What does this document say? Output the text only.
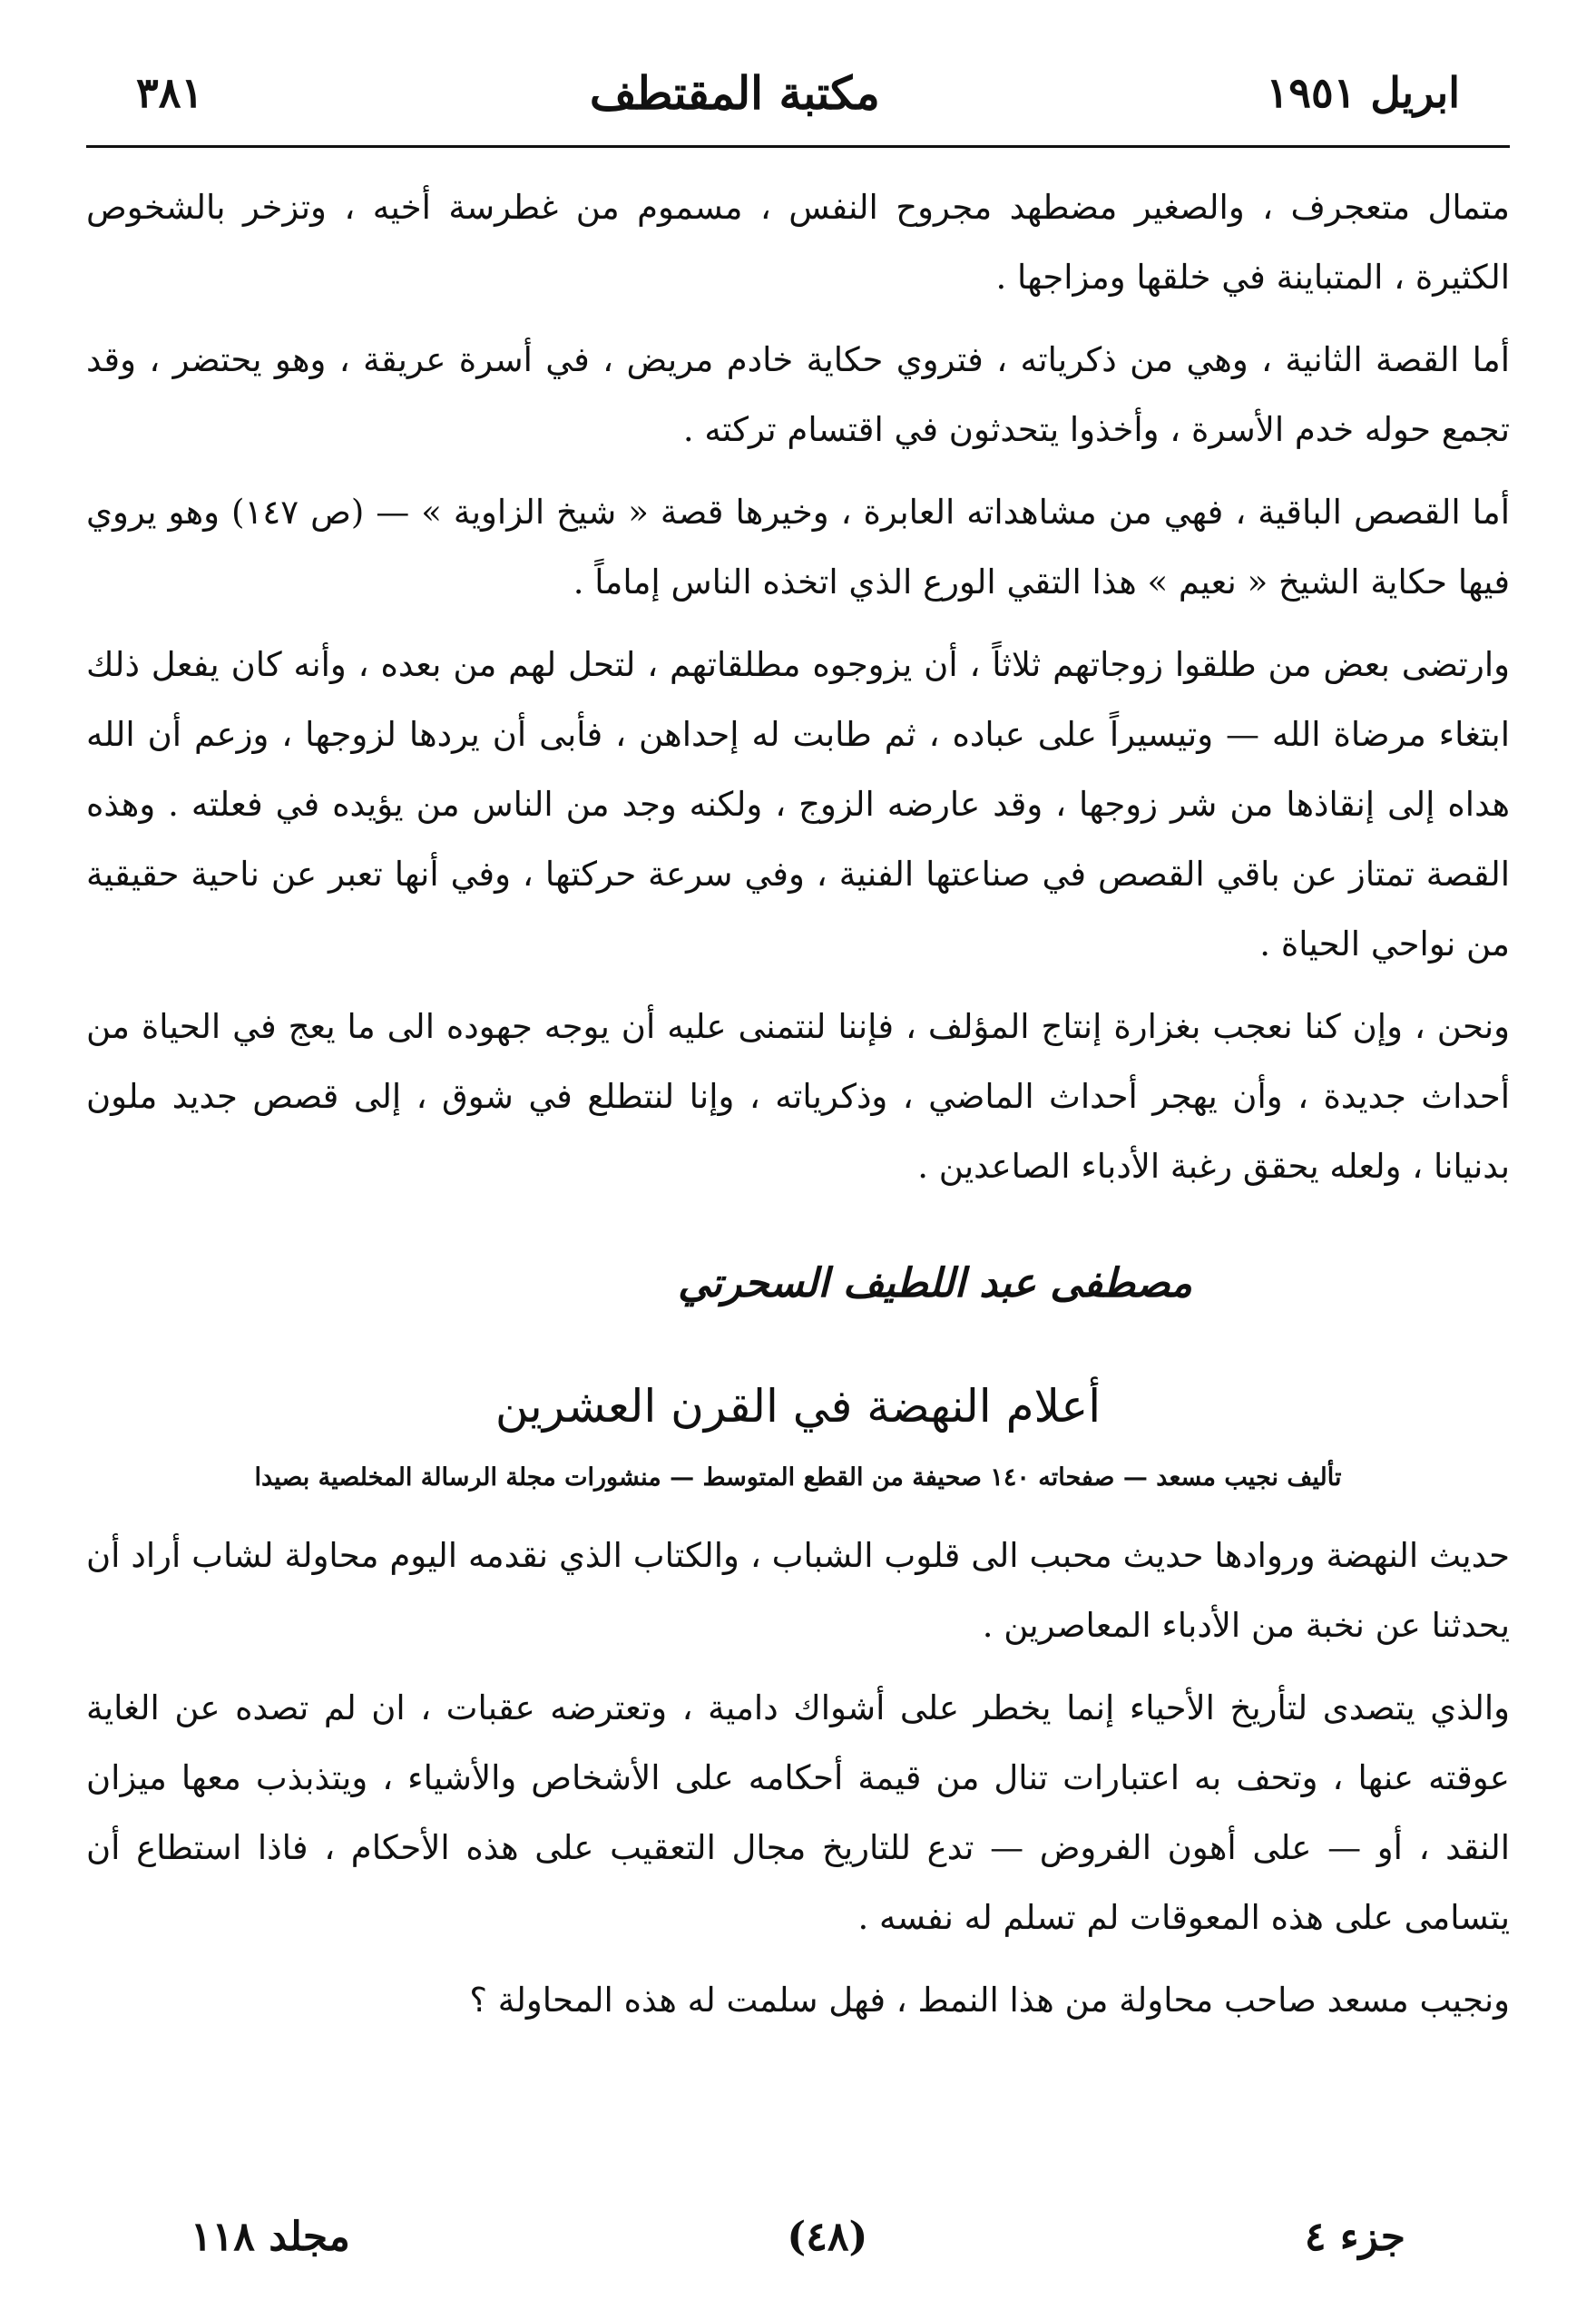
ابريل ١٩٥١
مكتبة المقتطف
٣٨١

متمال متعجرف ، والصغير مضطهد مجروح النفس ، مسموم من غطرسة أخيه ، وتزخر بالشخوص الكثيرة ، المتباينة في خلقها ومزاجها .

أما القصة الثانية ، وهي من ذكرياته ، فتروي حكاية خادم مريض ، في أسرة عريقة ، وهو يحتضر ، وقد تجمع حوله خدم الأسرة ، وأخذوا يتحدثون في اقتسام تركته .

أما القصص الباقية ، فهي من مشاهداته العابرة ، وخيرها قصة « شيخ الزاوية » — (ص ١٤٧) وهو يروي فيها حكاية الشيخ « نعيم » هذا التقي الورع الذي اتخذه الناس إماماً .

وارتضى بعض من طلقوا زوجاتهم ثلاثاً ، أن يزوجوه مطلقاتهم ، لتحل لهم من بعده ، وأنه كان يفعل ذلك ابتغاء مرضاة الله — وتيسيراً على عباده ، ثم طابت له إحداهن ، فأبى أن يردها لزوجها ، وزعم أن الله هداه إلى إنقاذها من شر زوجها ، وقد عارضه الزوج ، ولكنه وجد من الناس من يؤيده في فعلته . وهذه القصة تمتاز عن باقي القصص في صناعتها الفنية ، وفي سرعة حركتها ، وفي أنها تعبر عن ناحية حقيقية من نواحي الحياة .

ونحن ، وإن كنا نعجب بغزارة إنتاج المؤلف ، فإننا لنتمنى عليه أن يوجه جهوده الى ما يعج في الحياة من أحداث جديدة ، وأن يهجر أحداث الماضي ، وذكرياته ، وإنا لنتطلع في شوق ، إلى قصص جديد ملون بدنيانا ، ولعله يحقق رغبة الأدباء الصاعدين .

مصطفى عبد اللطيف السحرتي
أعلام النهضة في القرن العشرين
تأليف نجيب مسعد — صفحاته ١٤٠ صحيفة من القطع المتوسط — منشورات مجلة الرسالة المخلصية بصيدا

حديث النهضة وروادها حديث محبب الى قلوب الشباب ، والكتاب الذي نقدمه اليوم محاولة لشاب أراد أن يحدثنا عن نخبة من الأدباء المعاصرين .

والذي يتصدى لتأريخ الأحياء إنما يخطر على أشواك دامية ، وتعترضه عقبات ، ان لم تصده عن الغاية عوقته عنها ، وتحف به اعتبارات تنال من قيمة أحكامه على الأشخاص والأشياء ، ويتذبذب معها ميزان النقد ، أو — على أهون الفروض — تدع للتاريخ مجال التعقيب على هذه الأحكام ، فاذا استطاع أن يتسامى على هذه المعوقات لم تسلم له نفسه .

ونجيب مسعد صاحب محاولة من هذا النمط ، فهل سلمت له هذه المحاولة ؟

جزء ٤
(٤٨)
مجلد ١١٨
